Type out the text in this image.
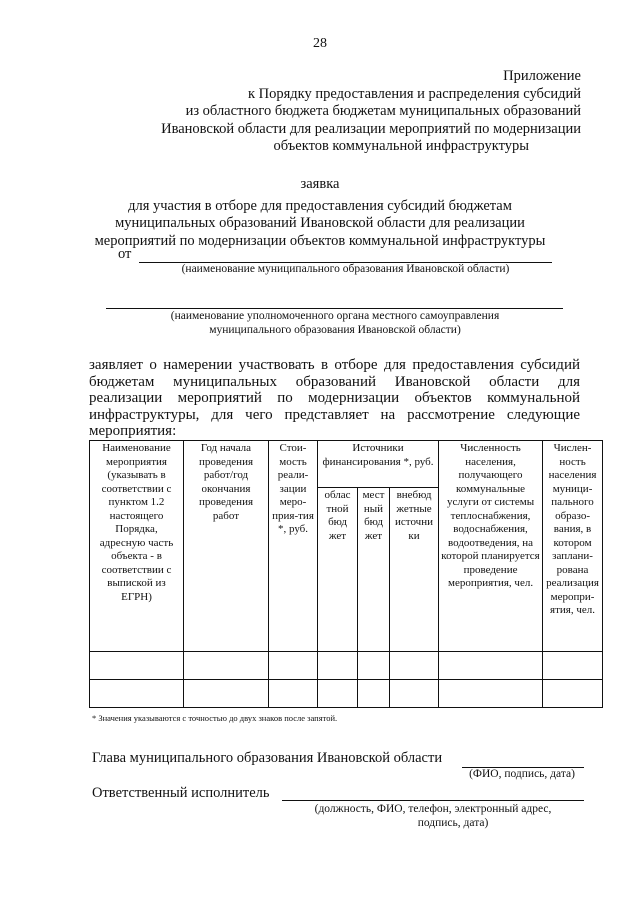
28
Приложение
к Порядку предоставления и распределения субсидий
из областного бюджета бюджетам муниципальных образований
Ивановской области для реализации мероприятий по модернизации
объектов коммунальной инфраструктуры
заявка
для участия в отборе для предоставления субсидий бюджетам
муниципальных образований Ивановской области для реализации
мероприятий по модернизации объектов коммунальной инфраструктуры
от
(наименование муниципального образования Ивановской области)
(наименование уполномоченного органа местного самоуправления
муниципального образования Ивановской области)
заявляет о намерении участвовать в отборе для предоставления субсидий
бюджетам муниципальных образований Ивановской области для
реализации мероприятий по модернизации объектов коммунальной
инфраструктуры, для чего представляет на рассмотрение следующие
мероприятия:
Наименование мероприятия (указывать в соответствии с пунктом 1.2 настоящего Порядка, адресную часть объекта - в соответствии с выпиской из ЕГРН)	Год начала проведения работ/год окончания проведения работ	Стои-мость реали-зации меро-прия-тия *, руб.	Источники финансирования *, руб.			Численность населения, получающего коммунальные услуги от системы теплоснабжения, водоснабжения, водоотведения, на которой планируется проведение мероприятия, чел.	Числен-ность населения муници-пального образо-вания, в котором заплани-рована реализация меропри-ятия, чел.
			облас тной бюд жет	мест ный бюд жет	внебюд жетные источни ки		

* Значения указываются с точностью до двух знаков после запятой.
Глава муниципального образования Ивановской области
(ФИО, подпись, дата)
Ответственный исполнитель
(должность, ФИО, телефон, электронный адрес,
подпись, дата)
